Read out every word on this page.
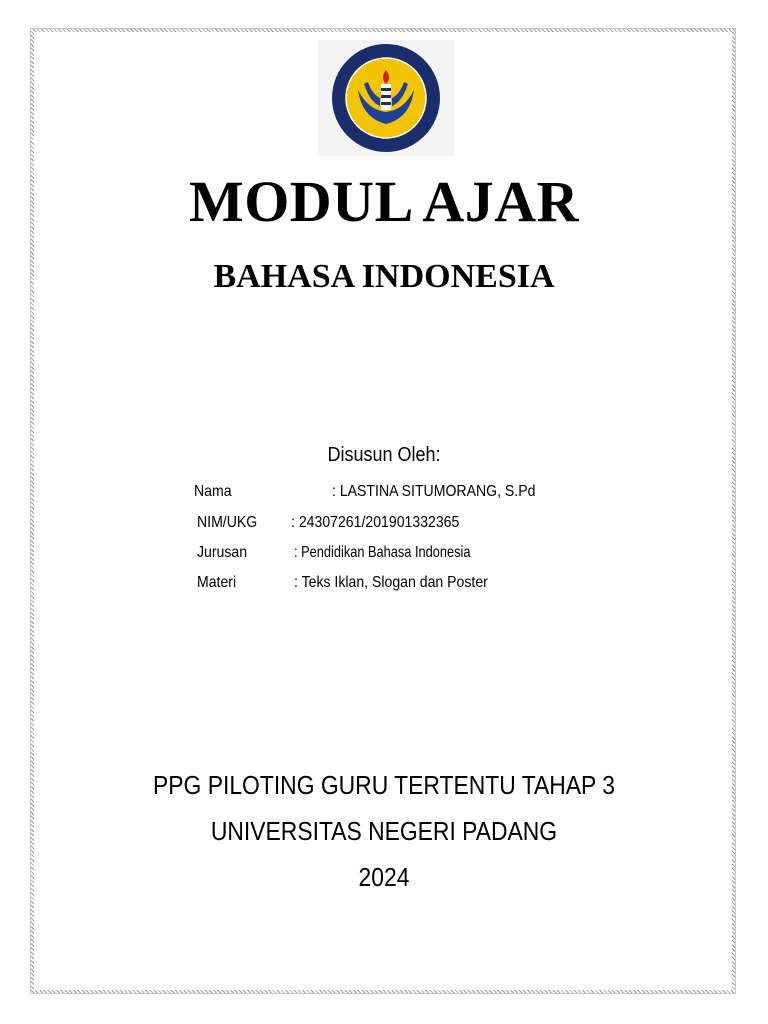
MODUL AJAR
BAHASA INDONESIA
Disusun Oleh:
Nama	: LASTINA SITUMORANG, S.Pd
NIM/UKG : 24307261/201901332365
Jurusan	: Pendidikan Bahasa Indonesia
Materi	: Teks Iklan, Slogan dan Poster
PPG PILOTING GURU TERTENTU TAHAP 3
UNIVERSITAS NEGERI PADANG
2024
